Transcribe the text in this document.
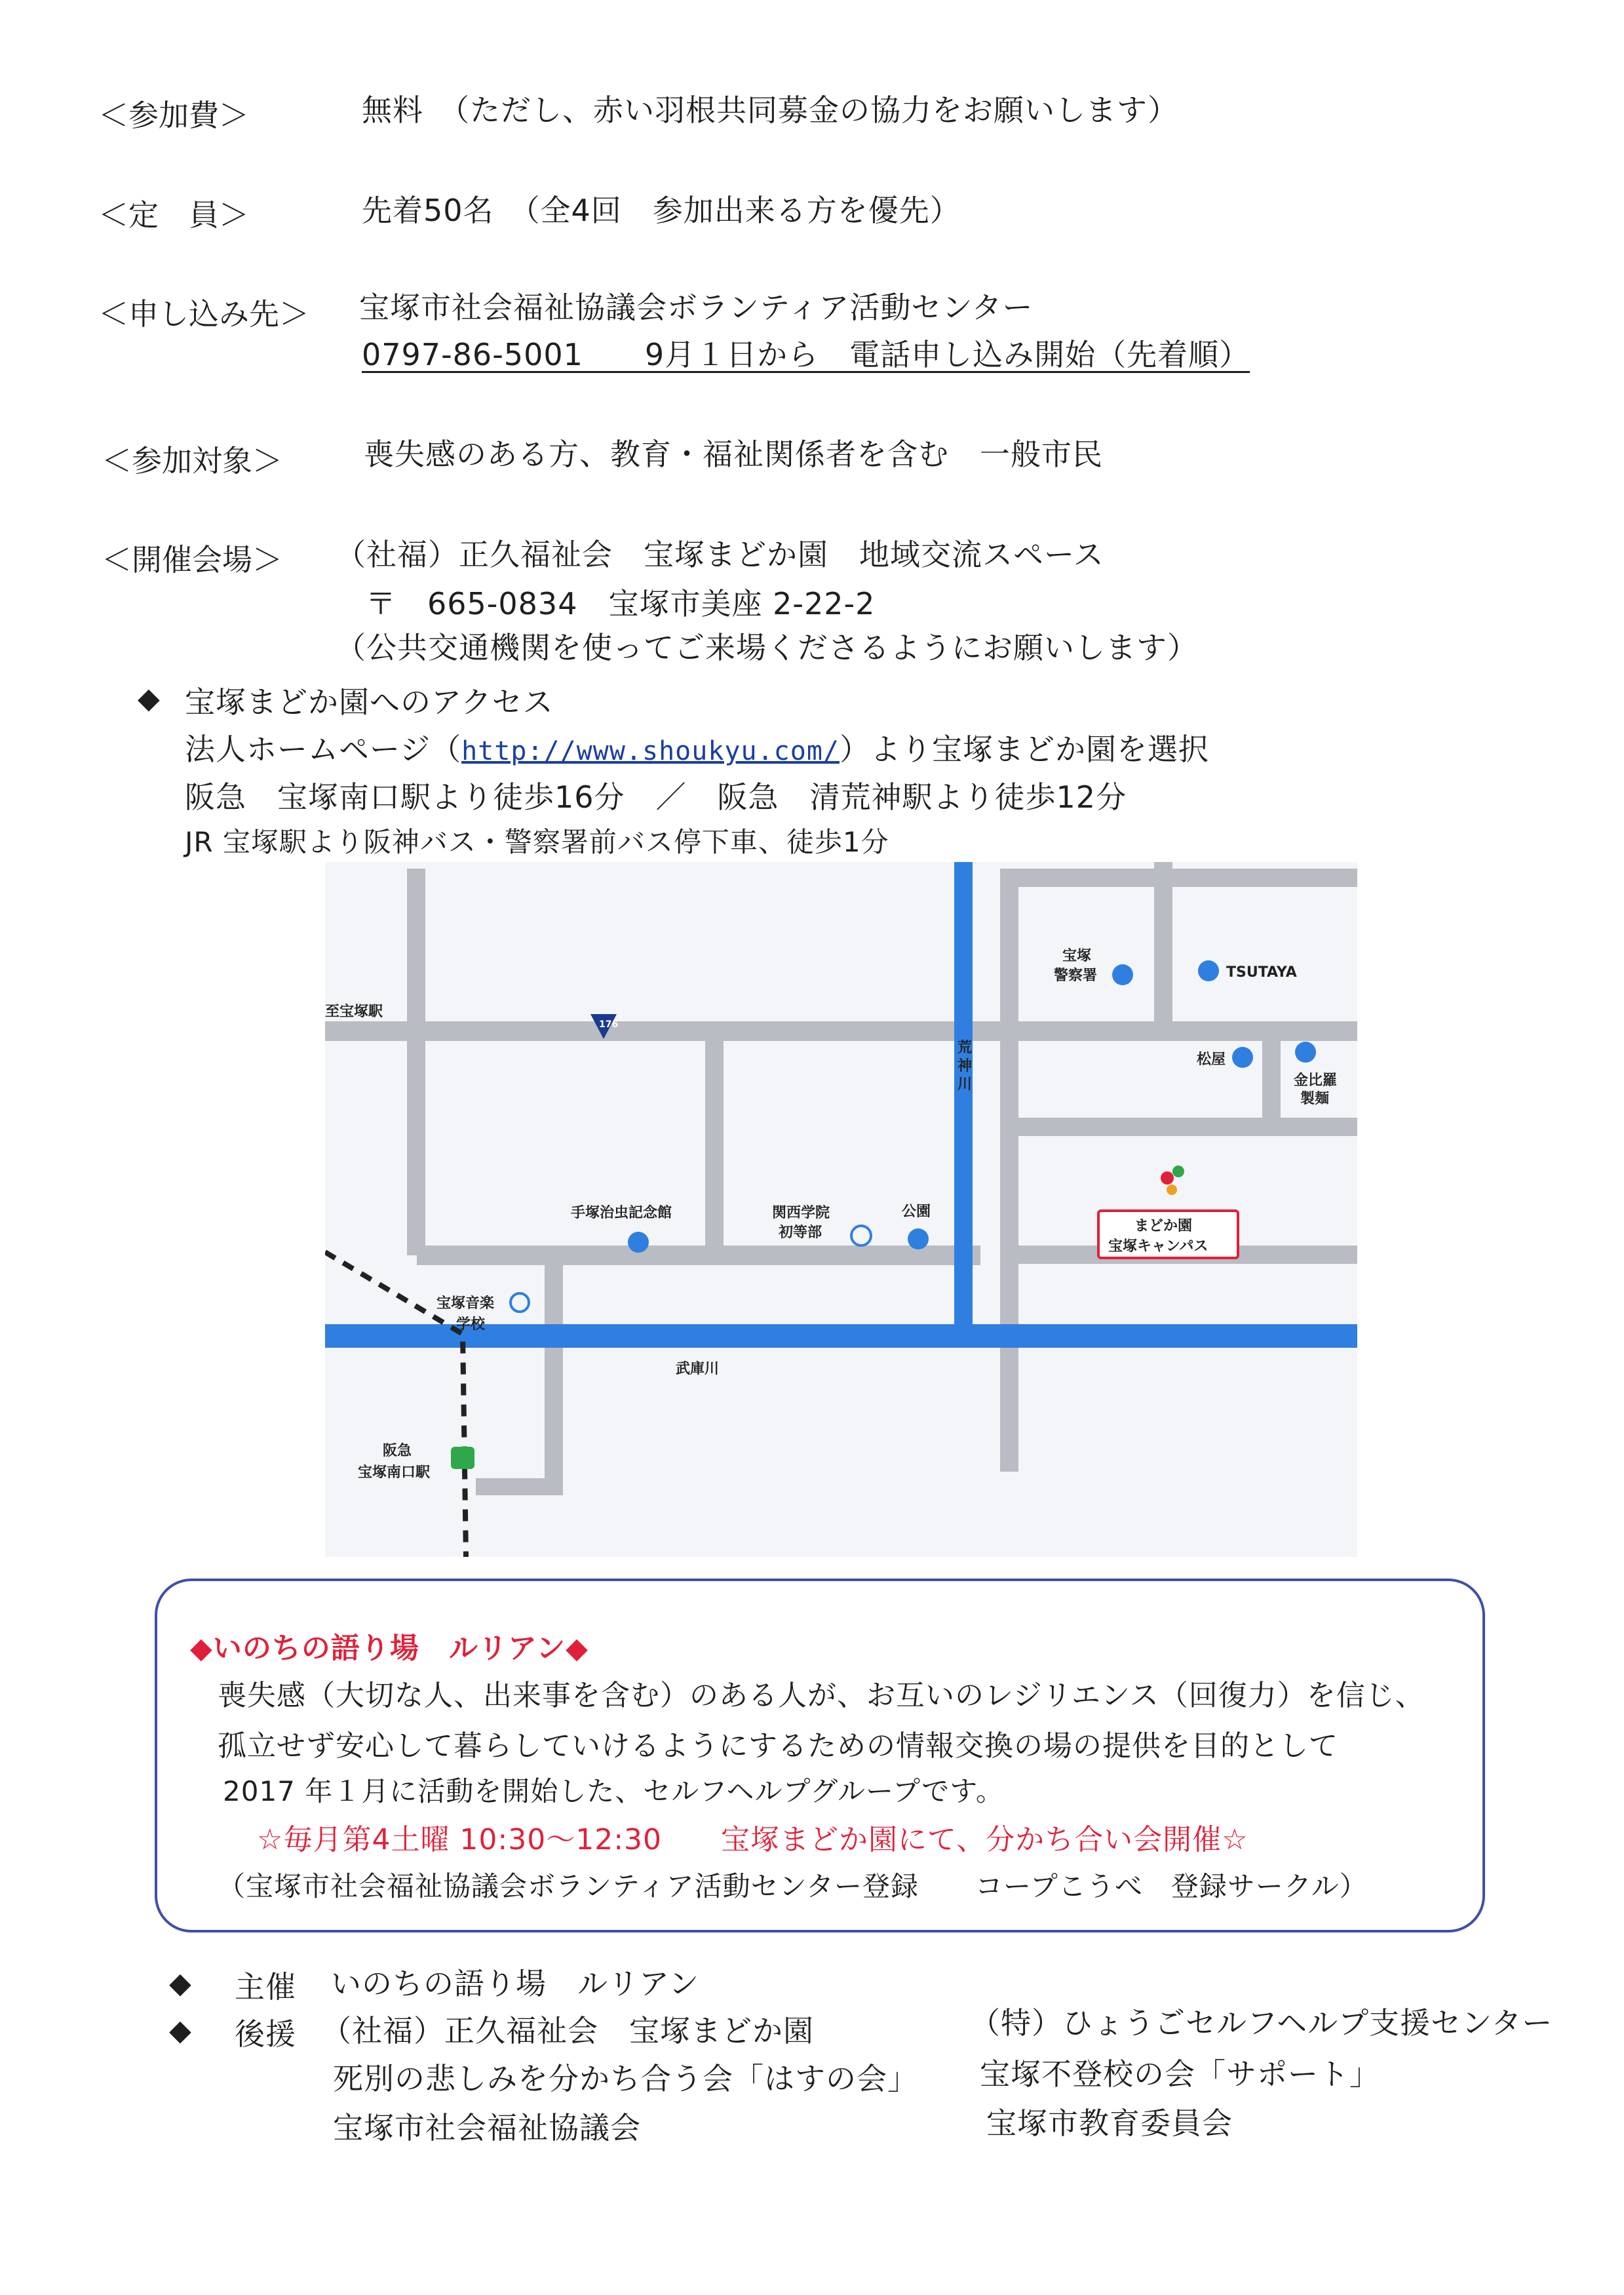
＜参加費＞	無料　（ただし、赤い羽根共同募金の協力をお願いします）
＜定　員＞	先着50名　（全4回　参加出来る方を優先）
＜申し込み先＞ 宝塚市社会福祉協議会ボランティア活動センター
0797-86-5001　　9月１日から　電話申し込み開始（先着順）
＜参加対象＞	喪失感のある方、教育・福祉関係者を含む　一般市民
＜開催会場＞ （社福）正久福祉会　宝塚まどか園　地域交流スペース
〒　665-0834　宝塚市美座 2-22-2
（公共交通機関を使ってご来場くださるようにお願いします）
◆ 宝塚まどか園へのアクセス
法人ホームページ（http://www.shoukyu.com/）より宝塚まどか園を選択
阪急　宝塚南口駅より徒歩16分　／　阪急　清荒神駅より徒歩12分
JR 宝塚駅より阪神バス・警察署前バス停下車、徒歩1分
176
至宝塚駅
荒
神
川
宝塚
警察署	TSUTAYA
松屋
金比羅
製麺
手塚治虫記念館	関西学院
初等部
公園
まどか園
宝塚キャンパス
宝塚音楽
学校
武庫川
阪急
宝塚南口駅
◆いのちの語り場　ルリアン◆
喪失感（大切な人、出来事を含む）のある人が、お互いのレジリエンス（回復力）を信じ、
孤立せず安心して暮らしていけるようにするための情報交換の場の提供を目的として
2017 年１月に活動を開始した、セルフヘルプグループです。
☆毎月第4土曜 10:30～12:30　　宝塚まどか園にて、分かち合い会開催☆
（宝塚市社会福祉協議会ボランティア活動センター登録　　コープこうべ　登録サークル）
◆ 主催 いのちの語り場　ルリアン
◆ 後援 （社福）正久福祉会　宝塚まどか園
死別の悲しみを分かち合う会「はすの会」
宝塚市社会福祉協議会
（特）ひょうごセルフヘルプ支援センター
宝塚不登校の会「サポート」
宝塚市教育委員会
